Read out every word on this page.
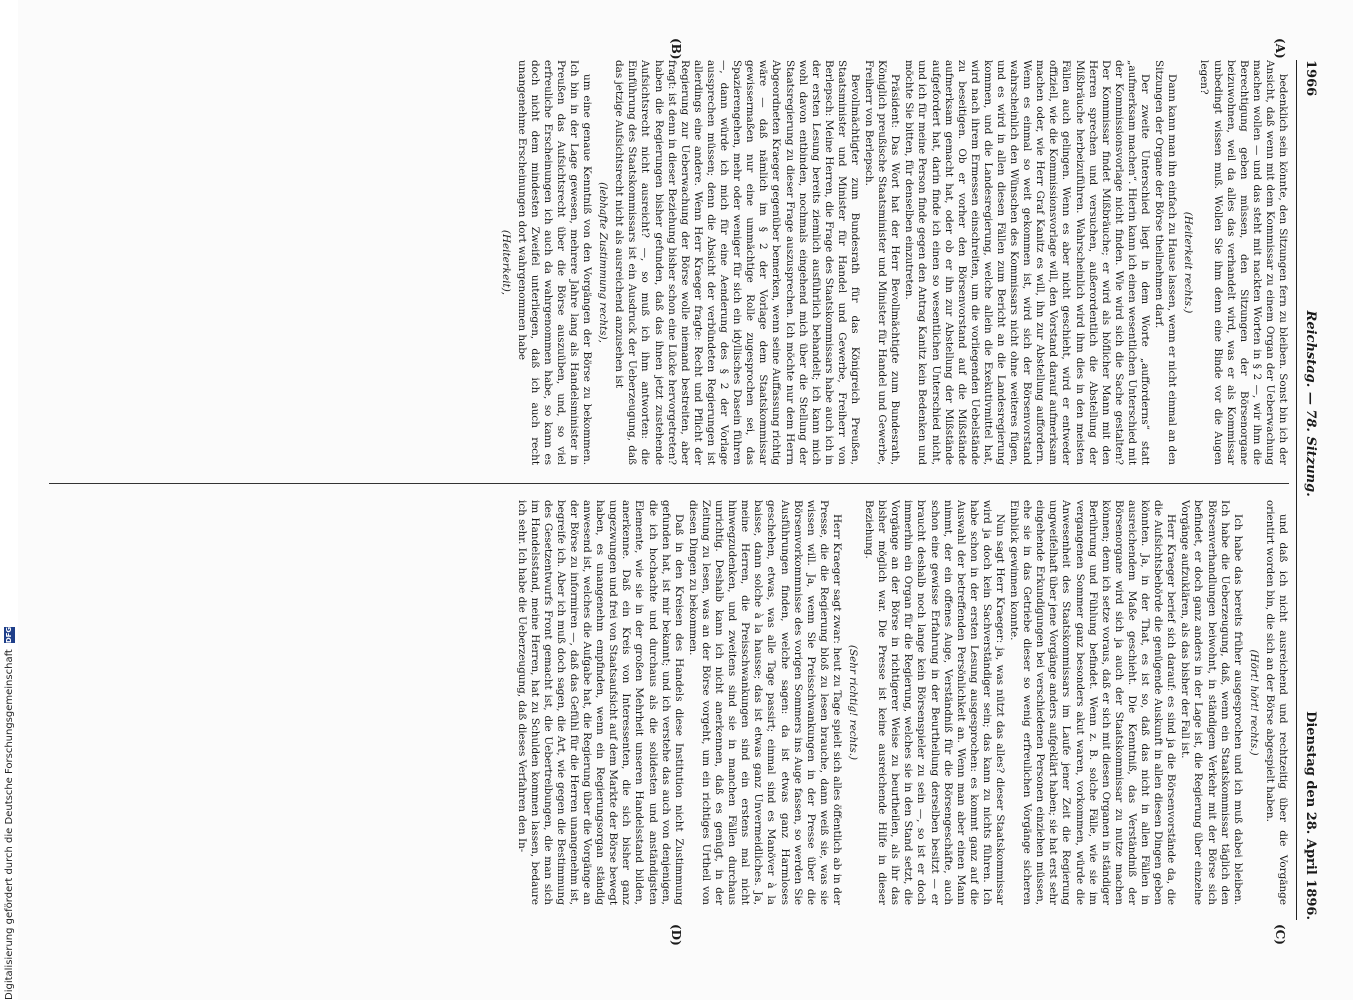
1966
Reichstag. — 78. Sitzung.
Dienstag den 28. April 1896.
(A)
(B)
(C)
(D)

bedenklich sein könnte, den Sitzungen fern zu bleiben. Sonst bin ich der Ansicht, daß wenn mit dem Kommissar zu einem Organ der Ueberwachung machen wollen — und das steht mit nackten Worten in § 2 —, wir ihm die Berechtigung geben müssen, den Sitzungen der Börsenorgane beizuwohnen, weil da alles das verhandelt wird, was er als Kommissar unbedingt wissen muß. Wollen Sie ihm denn eine Binde vor die Augen legen?

(Heiterkeit rechts.)

Dann kann man ihn einfach zu Hause lassen, wenn er nicht einmal an den Sitzungen der Organe der Börse theilnehmen darf.

Der zweite Unterschied liegt in dem Worte „aufforderns“ statt „aufmerksam machen“. Hierin kann ich einen wesentlichen Unterschied mit der Kommissionsvorlage nicht finden. Wie wird sich die Sache gestalten? Der Kommissar findet Mißbräuche; er wird als höflicher Mann mit den Herren sprechen und versuchen, außerordentlich die Abstellung der Mißbräuche herbeizuführen. Wahrscheinlich wird ihm dies in den meisten Fällen auch gelingen. Wenn es aber nicht geschieht, wird er entweder offiziell, wie die Kommissionsvorlage will, den Vorstand darauf aufmerksam machen oder, wie Herr Graf Kanitz es will, ihn zur Abstellung auffordern. Wenn es einmal so weit gekommen ist, wird sich der Börsenvorstand wahrscheinlich den Wünschen des Kommissars nicht ohne weiteres fügen, und es wird in allen diesen Fällen zum Bericht an die Landesregierung kommen, und die Landesregierung, welche allein die Exekutivmittel hat, wird nach ihrem Ermessen einschreiten, um die vorliegenden Uebelstände zu beseitigen. Ob er vorher den Börsenvorstand auf die Mißstände aufmerksam gemacht hat, oder ob er ihn zur Abstellung der Mißstände aufgefordert hat, darin finde ich einen so wesentlichen Unterschied nicht, und ich für meine Person finde gegen den Antrag Kanitz kein Bedenken und möchte Sie bitten, für denselben einzutreten.

Präsident: Das Wort hat der Herr Bevollmächtigte zum Bundesrath, Königlich preußische Staatsminister und Minister für Handel und Gewerbe, Freiherr von Berlepsch.

Bevollmächtigter zum Bundesrath für das Königreich Preußen, Staatsminister und Minister für Handel und Gewerbe, Freiherr von Berlepsch: Meine Herren, die Frage des Staatskommissars habe auch ich in der ersten Lesung bereits ziemlich ausführlich behandelt; ich kann mich wohl davon entbinden, nochmals eingehend mich über die Stellung der Staatsregierung zu dieser Frage auszusprechen. Ich möchte nur dem Herrn Abgeordneten Kraeger gegenüber bemerken, wenn seine Auffassung richtig wäre — daß nämlich im § 2 der Vorlage dem Staatskommissar gewissermaßen nur eine ummächtige Rolle zugesprochen sei, das Spazierengehen, mehr oder weniger für sich ein idyllisches Dasein führen —, dann würde ich mich für eine Aenderung des § 2 der Vorlage aussprechen müssen; denn die Absicht der verbündeten Regierungen ist allerdings eine andere. Wenn Herr Kraeger fragte: Recht und Pflicht der Regierung zur Ueberwachung der Börse wolle niemand bestreiten, aber fragt: ist denn in dieser Beziehung bisher schon eine Lücke hervorgetreten? haben die Regierungen bisher gefunden, daß das ihnen jetzt zustehende Aufsichtsrecht nicht ausreicht? —, so muß ich ihm antworten: die Einführung des Staatskommissars ist ein Ausdruck der Ueberzeugung, daß das jetzige Aufsichtsrecht nicht als ausreichend anzusehen ist

(lebhafte Zustimmung rechts),

um eine genaue Kenntniß von den Vorgängen der Börse zu bekommen. Ich bin in der Lage gewesen, mehrere Jahre lang als Handelsminister in Preußen das Aufsichtsrecht über die Börse auszuüben, und, so viel erfreuliche Erscheinungen ich auch da wahrgenommen habe, so kann es doch nicht dem mindesten Zweifel unterliegen, daß ich auch recht unangenehme Erscheinungen dort wahrgenommen habe

(Heiterkeit),

und daß ich nicht ausreichend und rechtzeitig über die Vorgänge orientirt worden bin, die sich an der Börse abgespielt haben.

(Hört! hört! rechts.)

Ich habe das bereits früher ausgesprochen und ich muß dabei bleiben. Ich habe die Ueberzeugung, daß, wenn ein Staatskommissar täglich den Börsenverhandlungen beiwohnt, in ständigem Verkehr mit der Börse sich befindet, er doch ganz anders in der Lage ist, die Regierung über einzelne Vorgänge aufzuklären, als das bisher der Fall ist.

Herr Kraeger berief sich darauf: es sind ja die Börsenvorstände da, die die Aufsichtsbehörde die genügende Auskunft in allen diesen Dingen geben könnten. Ja, in der That, es ist so, daß das nicht in allen Fällen in ausreichendem Maße geschieht. Die Kenntniß, das Verständniß der Börsenorgane wird sich ja auch der Staatskommissar zu nutze machen können; denn ich setze voraus, daß er sich mit diesen Organen in ständiger Berührung und Fühlung befindet. Wenn z. B. solche Fälle, wie sie im vergangenen Sommer ganz besonders akut waren, vorkommen, würde die Anwesenheit des Staatskommissars im Laufe jener Zeit die Regierung ungweifelhaft über jene Vorgänge anders aufgeklärt haben; sie hat erst sehr eingehende Erkundigungen bei verschiedenen Personen einziehen müssen, ehe sie in das Getriebe dieser so wenig erfreulichen Vorgänge sicheren Einblick gewinnen konnte.

Nun sagt Herr Kraeger: ja, was nützt das alles? dieser Staatskommissar wird ja doch kein Sachverständiger sein; das kann zu nichts führen. Ich habe schon in der ersten Lesung ausgesprochen: es kommt ganz auf die Auswahl der betreffenden Persönlichkeit an. Wenn man aber einen Mann nimmt, der ein offenes Auge, Verständniß für die Börsengeschäfte, auch schon eine gewisse Erfahrung in der Beurtheilung derselben besitzt — er braucht deshalb noch lange kein Börsenspieler zu sein —, so ist er doch immerhin ein Organ für die Regierung, welches sie in den Stand setzt, die Vorgänge an der Börse in richtigerer Weise zu beurtheilen, als ihr das bisher möglich war. Die Presse ist keine ausreichende Hilfe in dieser Beziehung.

(Sehr richtig! rechts.)

Herr Kraeger sagt zwar: heut zu Tage spielt sich alles öffentlich ab in der Presse, die die Regierung bloß zu lesen brauche, dann weiß sie, was sie wissen will. Ja, wenn Sie Preisschwankungen in der Presse über die Börsenvorkommnisse des vorigen Sommers ins Auge fassen, so werden Sie Ausführungen finden, welche sagen: da ist etwas ganz Harmloses geschehen, etwas, was alle Tage passirt; einmal sind es Manöver à la baisse, dann solche à la hausse; das ist etwas ganz Unvermeidliches. Ja, meine Herren, die Preisschwankungen sind ein erstens mal nicht hinwegzudenken, und zweitens sind sie in manchen Fällen durchaus unrichtig. Deshalb kann ich nicht anerkennen, daß es genügt, in der Zeitung zu lesen, was an der Börse vorgeht, um ein richtiges Urtheil von diesen Dingen zu bekommen.

Daß in den Kreisen des Handels diese Institution nicht Zustimmung gefunden hat, ist mir bekannt; und ich verstehe das auch von denjenigen, die ich hochachte und durchaus als die solidesten und anständigsten Elemente, wie sie in der großen Mehrheit unseren Handelsstand bilden, anerkenne. Daß ein Kreis von Interessenten, die sich bisher ganz ungezwungen und frei von Staatsaufsicht auf dem Markte der Börse bewegt haben, es unangenehm empfinden, wenn ein Regierungsorgan ständig anwesend ist, welches die Aufgabe hat, die Regierung über die Vorgänge an der Börse zu informiren —, daß das Gefühl für die Herren unangenehm ist, begreife ich. Aber ich muß doch sagen, die Art, wie gegen die Bestimmung des Gesetzentwurfs Front gemacht ist, die Uebertreibungen, die man sich im Handelsstand, meine Herren, hat zu Schulden kommen lassen, bedaure ich sehr. Ich habe die Ueberzeugung, daß dieses Verfahren den In-

Digitalisierung gefördert durch die Deutsche Forschungsgemeinschaft
DFG
